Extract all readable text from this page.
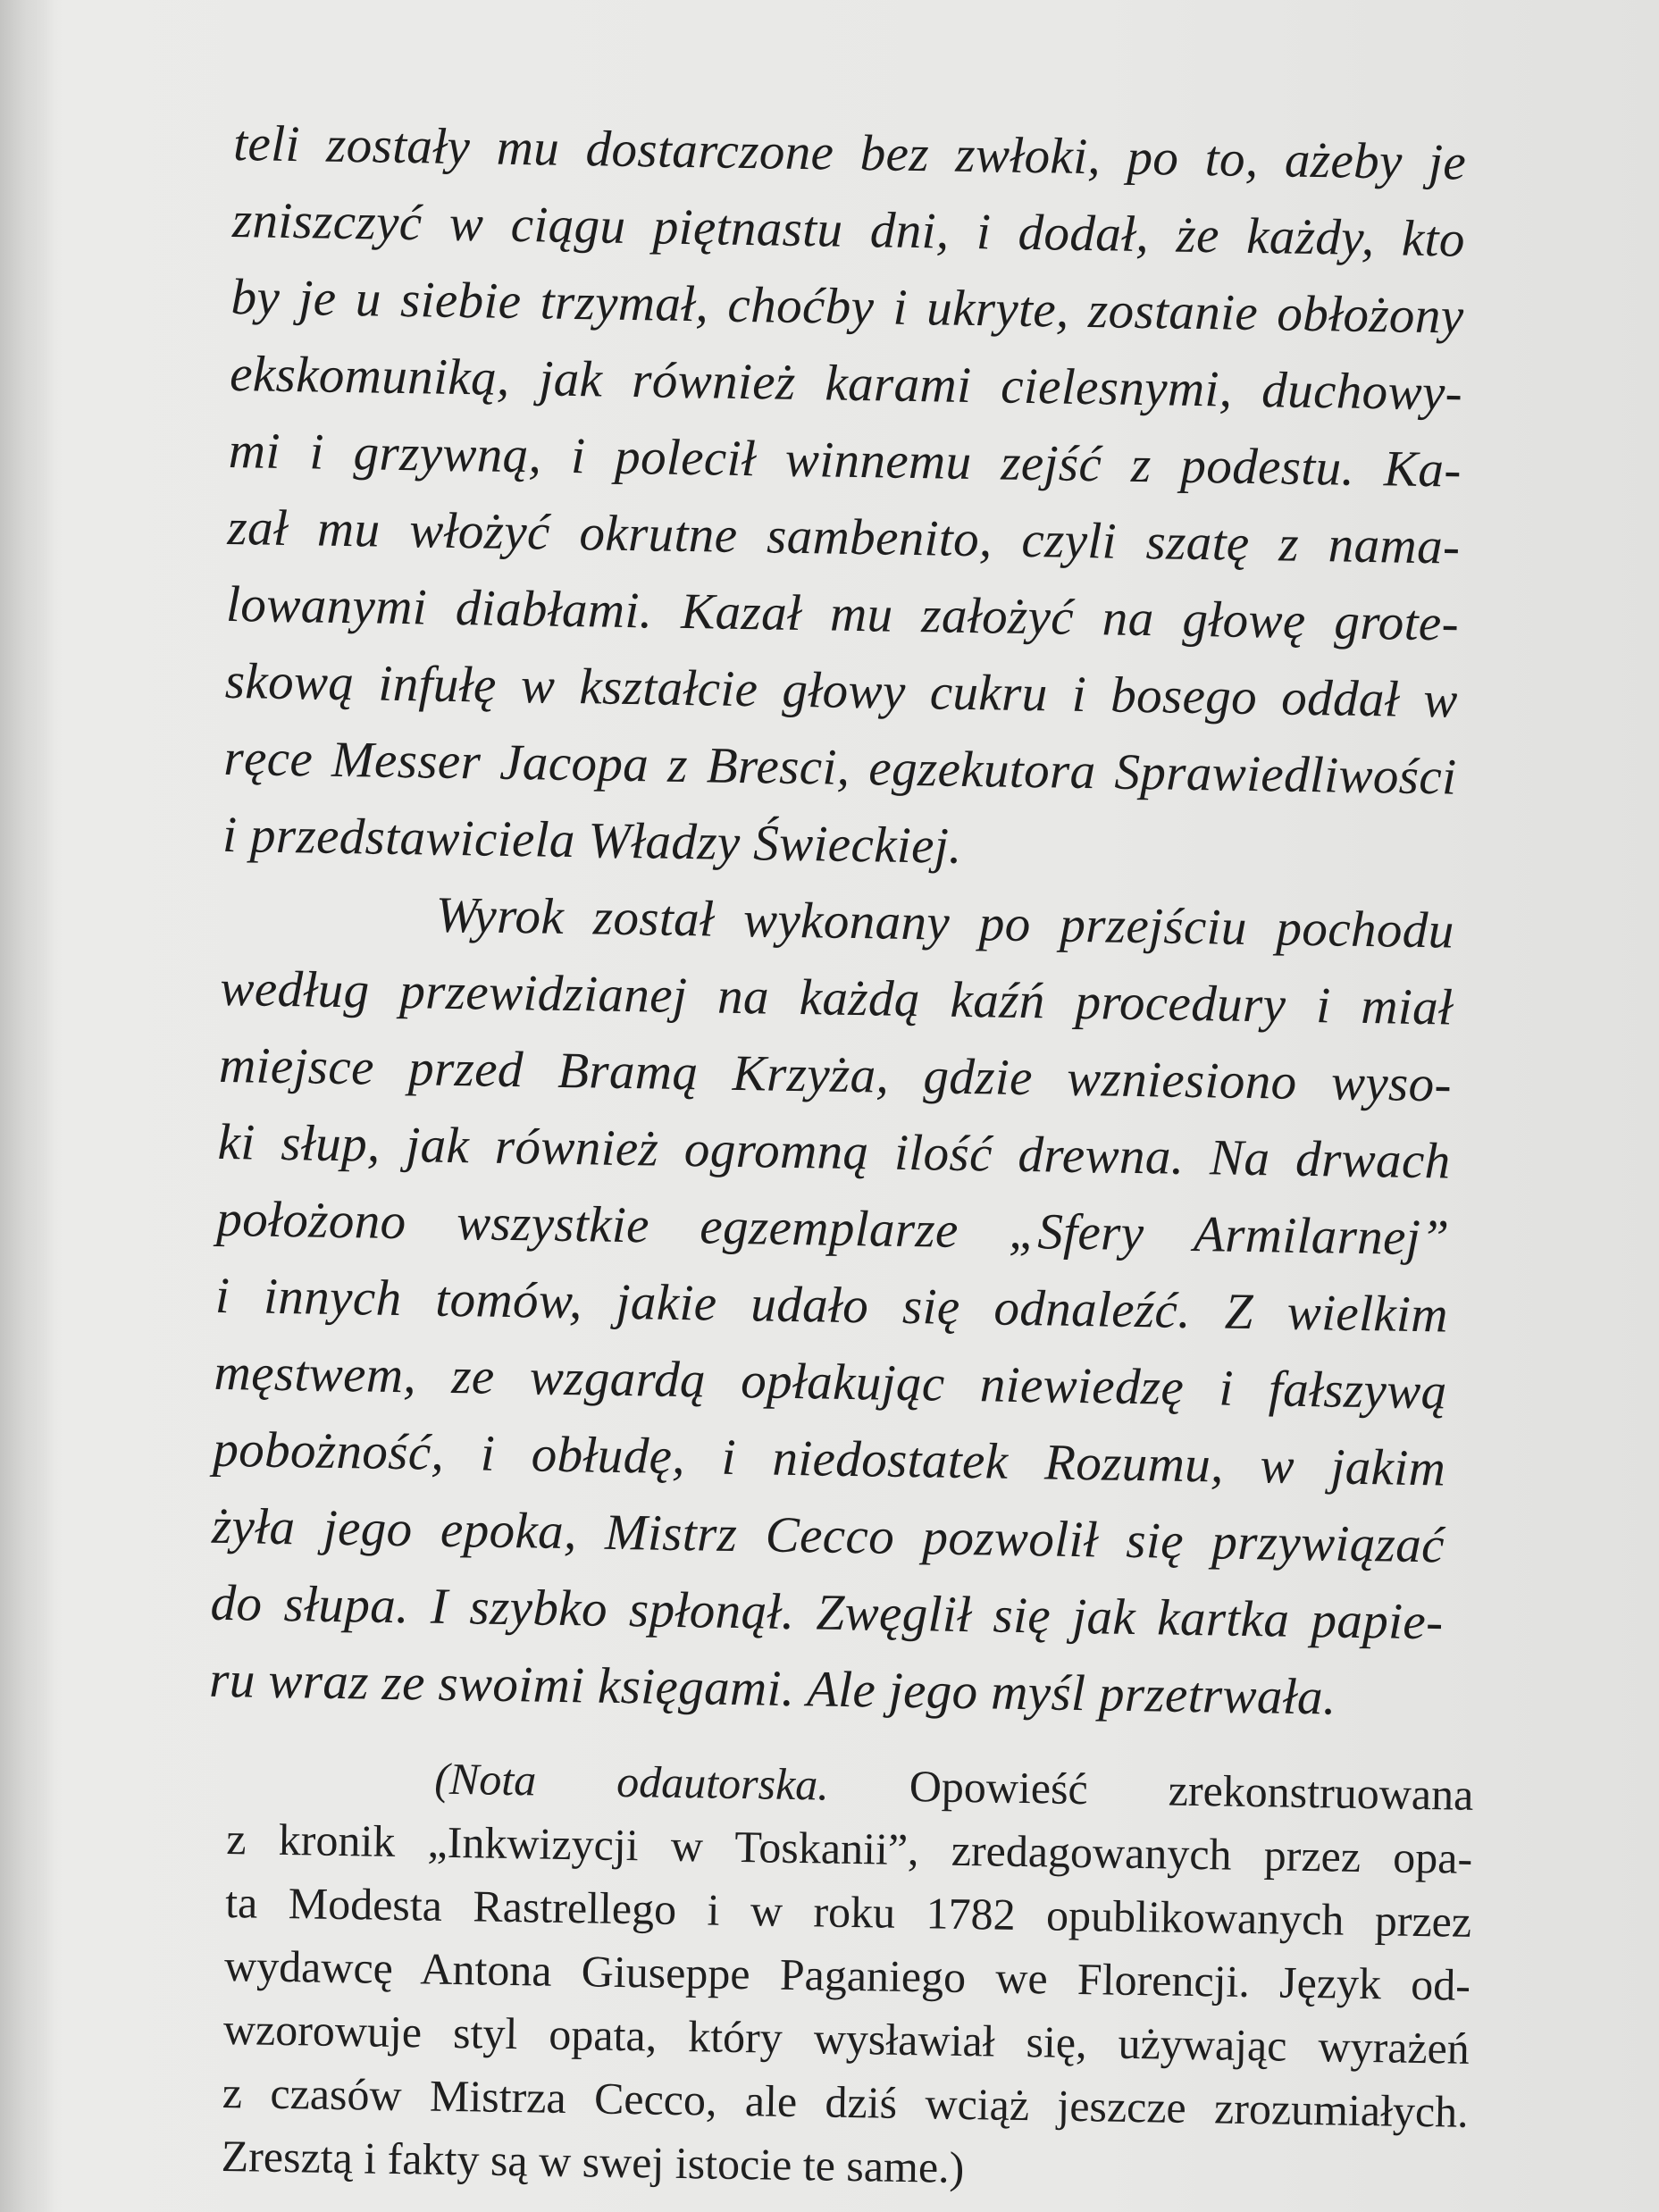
teli zostały mu dostarczone bez zwłoki, po to, ażeby je
zniszczyć w ciągu piętnastu dni, i dodał, że każdy, kto
by je u siebie trzymał, choćby i ukryte, zostanie obłożony
ekskomuniką, jak również karami cielesnymi, duchowy-
mi i grzywną, i polecił winnemu zejść z podestu. Ka-
zał mu włożyć okrutne sambenito, czyli szatę z nama-
lowanymi diabłami. Kazał mu założyć na głowę grote-
skową infułę w kształcie głowy cukru i bosego oddał w
ręce Messer Jacopa z Bresci, egzekutora Sprawiedliwości
i przedstawiciela Władzy Świeckiej.
Wyrok został wykonany po przejściu pochodu
według przewidzianej na każdą kaźń procedury i miał
miejsce przed Bramą Krzyża, gdzie wzniesiono wyso-
ki słup, jak również ogromną ilość drewna. Na drwach
położono wszystkie egzemplarze „Sfery Armilarnej”
i innych tomów, jakie udało się odnaleźć. Z wielkim
męstwem, ze wzgardą opłakując niewiedzę i fałszywą
pobożność, i obłudę, i niedostatek Rozumu, w jakim
żyła jego epoka, Mistrz Cecco pozwolił się przywiązać
do słupa. I szybko spłonął. Zwęglił się jak kartka papie-
ru wraz ze swoimi księgami. Ale jego myśl przetrwała.
(Nota odautorska. Opowieść zrekonstruowana
z kronik „Inkwizycji w Toskanii”, zredagowanych przez opa-
ta Modesta Rastrellego i w roku 1782 opublikowanych przez
wydawcę Antona Giuseppe Paganiego we Florencji. Język od-
wzorowuje styl opata, który wysławiał się, używając wyrażeń
z czasów Mistrza Cecco, ale dziś wciąż jeszcze zrozumiałych.
Zresztą i fakty są w swej istocie te same.)
